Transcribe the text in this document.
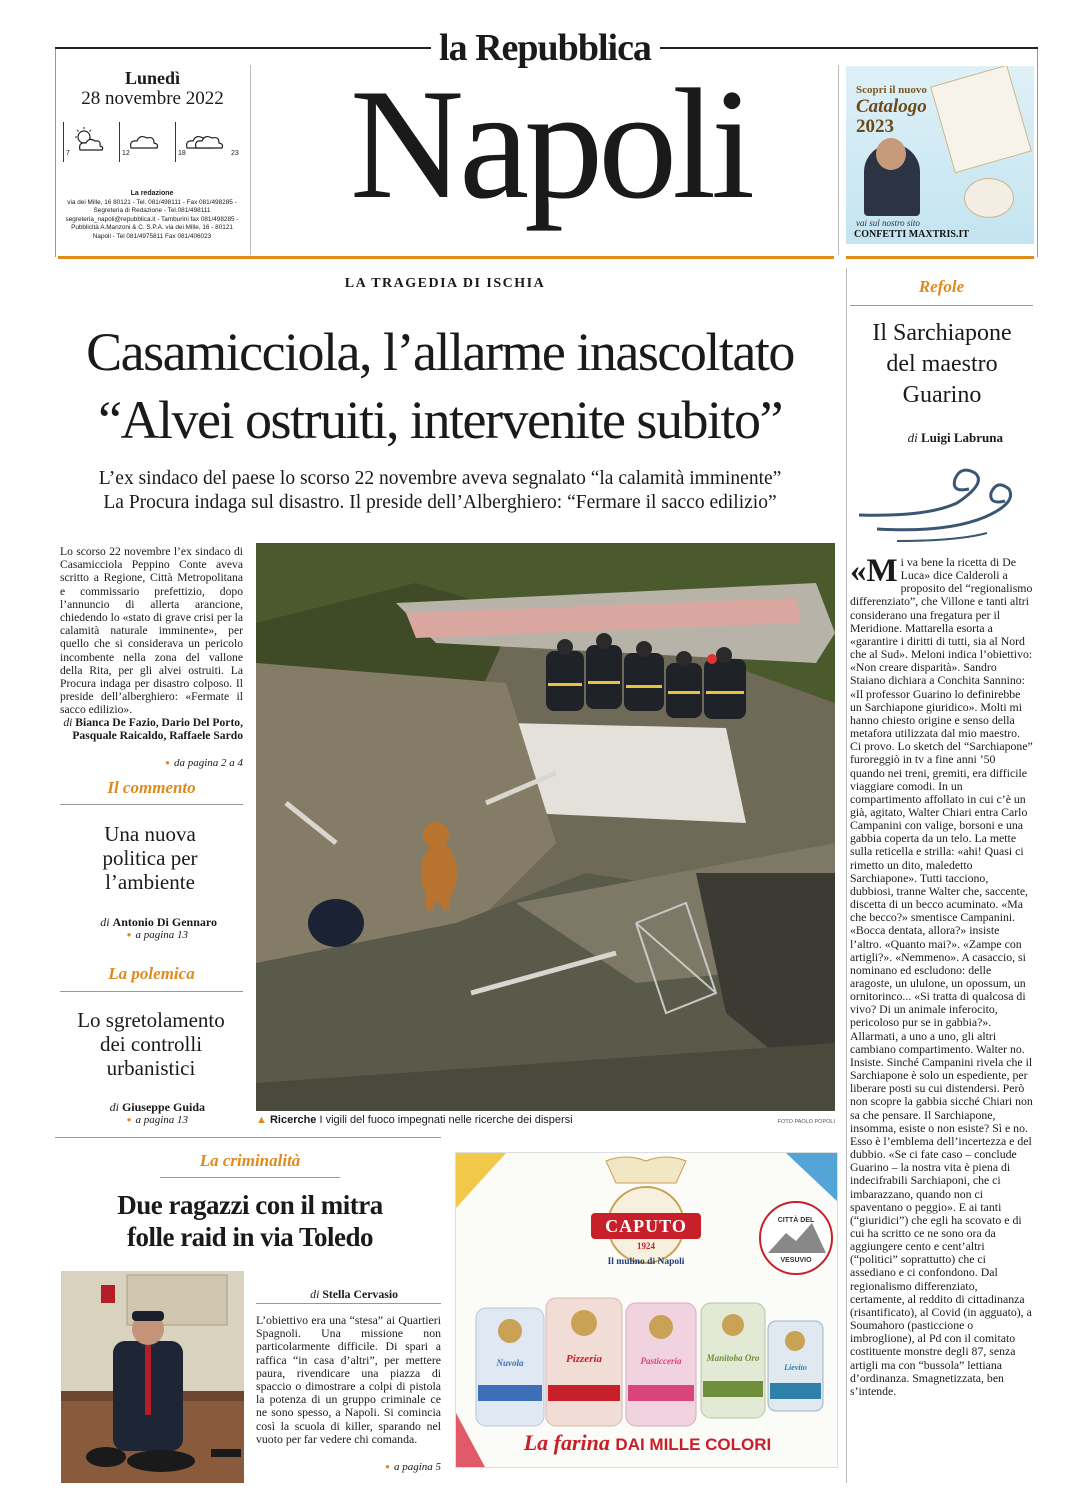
la Repubblica
Lunedì
28 novembre 2022
7	12	18	23
La redazione
via dei Mille, 16 80121 - Tel. 081/498111 - Fax 081/498285 - Segreteria di Redazione - Tel.081/498111 segreteria_napoli@repubblica.it - Tamburini fax 081/498285 - Pubblicità A.Manzoni & C. S.P.A. via dei Mille, 16 - 80121 Napoli - Tel 081/4975811 Fax 081/406023
Napoli	Scopri il nuovo
Catalogo
2023
vai sul nostro sito
CONFETTI MAXTRIS.IT
LA TRAGEDIA DI ISCHIA
Casamicciola, l’allarme inascoltato
“Alvei ostruiti, intervenite subito”
L’ex sindaco del paese lo scorso 22 novembre aveva segnalato “la calamità imminente”
La Procura indaga sul disastro. Il preside dell’Alberghiero: “Fermare il sacco edilizio”
Lo scorso 22 novembre l’ex sindaco di Casamicciola Peppino Conte aveva scritto a Regione, Città Metropolitana e commissario prefettizio, dopo l’annuncio di allerta arancione, chiedendo lo «stato di grave crisi per la calamità naturale imminente», per quello che si considerava un pericolo incombente nella zona del vallone della Rita, per gli alvei ostruiti. La Procura indaga per disastro colposo. Il preside dell’alberghiero: «Fermate il sacco edilizio».
di Bianca De Fazio, Dario Del Porto, Pasquale Raicaldo, Raffaele Sardo
● da pagina 2 a 4
▲ Ricerche I vigili del fuoco impegnati nelle ricerche dei dispersi	FOTO PAOLO POPOLI
Il commento
Una nuova politica per l’ambiente
di Antonio Di Gennaro
● a pagina 13
La polemica
Lo sgretolamento dei controlli urbanistici
di Giuseppe Guida
● a pagina 13
Refole
Il Sarchiapone del maestro Guarino
di Luigi Labruna
«Mi va bene la ricetta di De Luca» dice Calderoli a proposito del “regionalismo differenziato”, che Villone e tanti altri considerano una fregatura per il Meridione. Mattarella esorta a «garantire i diritti di tutti, sia al Nord che al Sud». Meloni indica l’obiettivo: «Non creare disparità». Sandro Staiano dichiara a Conchita Sannino: «Il professor Guarino lo definirebbe un Sarchiapone giuridico». Molti mi hanno chiesto origine e senso della metafora utilizzata dal mio maestro. Ci provo. Lo sketch del “Sarchiapone” furoreggiò in tv a fine anni ’50 quando nei treni, gremiti, era difficile viaggiare comodi. In un compartimento affollato in cui c’è un già, agitato, Walter Chiari entra Carlo Campanini con valige, borsoni e una gabbia coperta da un telo. La mette sulla reticella e strilla: «ahi! Quasi ci rimetto un dito, maledetto Sarchiapone». Tutti tacciono, dubbiosi, tranne Walter che, saccente, discetta di un becco acuminato. «Ma che becco?» smentisce Campanini. «Bocca dentata, allora?» insiste l’altro. «Quanto mai?». «Zampe con artigli?». «Nemmeno». A casaccio, si nominano ed escludono: delle aragoste, un ululone, un opossum, un ornitorinco... «Si tratta di qualcosa di vivo? Di un animale inferocito, pericoloso pur se in gabbia?». Allarmati, a uno a uno, gli altri cambiano compartimento. Walter no. Insiste. Sinché Campanini rivela che il Sarchiapone è solo un espediente, per liberare posti su cui distendersi. Però non scopre la gabbia sicché Chiari non sa che pensare. Il Sarchiapone, insomma, esiste o non esiste? Sì e no. Esso è l’emblema dell’incertezza e del dubbio. «Se ci fate caso – conclude Guarino – la nostra vita è piena di indecifrabili Sarchiaponi, che ci imbarazzano, quando non ci spaventano o peggio». E ai tanti (“giuridici”) che egli ha scovato e di cui ha scritto ce ne sono ora da aggiungere cento e cent’altri (“politici” soprattutto) che ci assediano e ci confondono. Dal regionalismo differenziato, certamente, al reddito di cittadinanza (risantificato), al Covid (in agguato), a Soumahoro (pasticcione o imbroglione), al Pd con il comitato costituente monstre degli 87, senza artigli ma con “bussola” lettiana d’ordinanza. Smagnetizzata, ben s’intende.
La criminalità
Due ragazzi con il mitra
folle raid in via Toledo
di Stella Cervasio
L’obiettivo era una “stesa” ai Quartieri Spagnoli. Una missione non particolarmente difficile. Di spari a raffica “in casa d’altri”, per mettere paura, rivendicare una piazza di spaccio o dimostrare a colpi di pistola la potenza di un gruppo criminale ce ne sono spesso, a Napoli. Si comincia così la scuola di killer, sparando nel vuoto per far vedere chi comanda.
● a pagina 5
CAPUTO
1924
Il mulino di Napoli
CITTÀ DEL
VESUVIO
Nuvola	Pizzeria	Pasticceria	Manitoba Oro
Lievito
La farina DAI MILLE COLORI
